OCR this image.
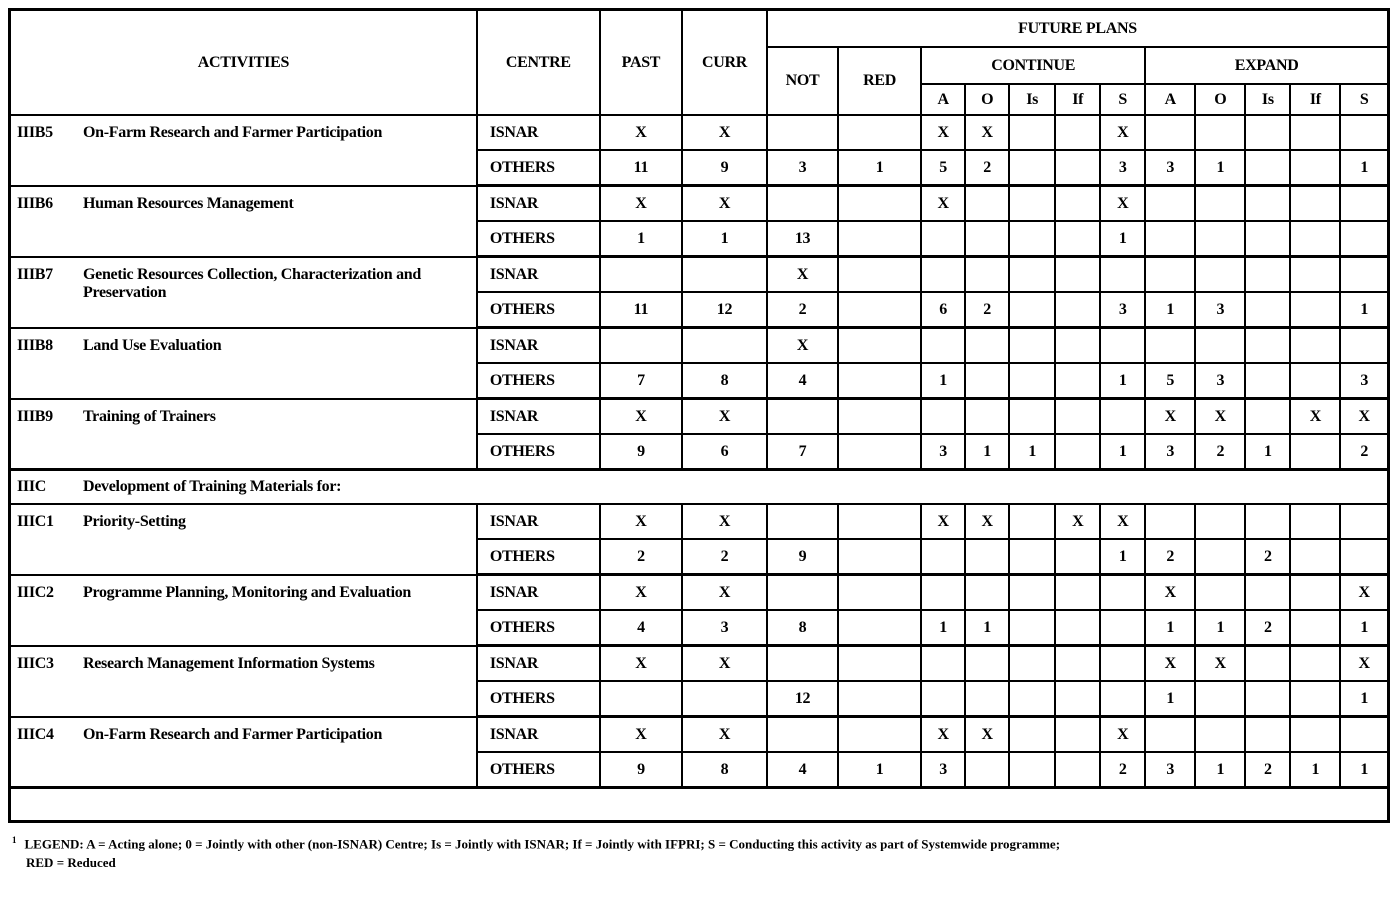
ACTIVITIES	CENTRE	PAST	CURR	FUTURE PLANS											
				NOT	RED	CONTINUE					EXPAND				
						A	O	Is	If	S	A	O	Is	If	S

IIIB5 On-Farm Research and Farmer Participation	ISNAR	X	X			X	X			X					
	OTHERS	11	9	3	1	5	2			3	3	1			1

IIIB6 Human Resources Management	ISNAR	X	X			X				X					
	OTHERS	1	1	13						1					

IIIB7 Genetic Resources Collection, Characterization and Preservation	ISNAR			X											
	OTHERS	11	12	2		6	2			3	1	3			1

IIIB8 Land Use Evaluation	ISNAR			X											
	OTHERS	7	8	4		1				1	5	3			3

IIIB9 Training of Trainers	ISNAR	X	X								X	X		X	X
	OTHERS	9	6	7		3	1	1		1	3	2	1		2

IIIC Development of Training Materials for:															

IIIC1 Priority-Setting	ISNAR	X	X			X	X		X	X					
	OTHERS	2	2	9						1	2		2		

IIIC2 Programme Planning, Monitoring and Evaluation	ISNAR	X	X								X				X
	OTHERS	4	3	8		1	1				1	1	2		1

IIIC3 Research Management Information Systems	ISNAR	X	X								X	X			X
	OTHERS			12							1				1

IIIC4 On-Farm Research and Farmer Participation	ISNAR	X	X			X	X			X					
	OTHERS	9	8	4	1	3				2	3	1	2	1	1

$^1$ LEGEND: A = Acting alone; 0 = Jointly with other (non-ISNAR) Centre; Is = Jointly with ISNAR; If = Jointly with IFPRI; S = Conducting this activity as part of Systemwide programme;
RED = Reduced
